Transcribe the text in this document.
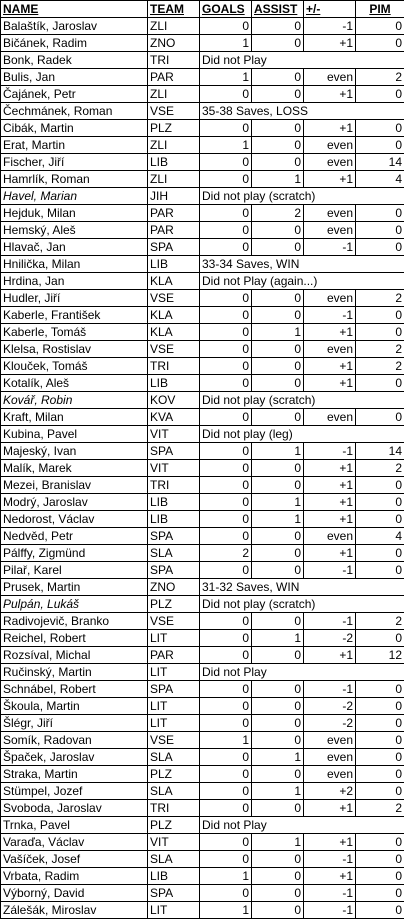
NAME	TEAM	GOALS	ASSIST	+/-	PIM
Balaštík, Jaroslav	ZLI	0	0	-1	0
Bičánek, Radim	ZNO	1	0	+1	0
Bonk, Radek	TRI	Did not Play			
Bulis, Jan	PAR	1	0	even	2
Čajánek, Petr	ZLI	0	0	+1	0
Čechmánek, Roman	VSE	35-38 Saves, LOSS			
Cibák, Martin	PLZ	0	0	+1	0
Erat, Martin	ZLI	1	0	even	0
Fischer, Jiří	LIB	0	0	even	14
Hamrlík, Roman	ZLI	0	1	+1	4
Havel, Marian	JIH	Did not play (scratch)			
Hejduk, Milan	PAR	0	2	even	0
Hemský, Aleš	PAR	0	0	even	0
Hlavač, Jan	SPA	0	0	-1	0
Hnilička, Milan	LIB	33-34 Saves, WIN			
Hrdina, Jan	KLA	Did not Play (again...)			
Hudler, Jiří	VSE	0	0	even	2
Kaberle, František	KLA	0	0	-1	0
Kaberle, Tomáš	KLA	0	1	+1	0
Klelsa, Rostislav	VSE	0	0	even	2
Klouček, Tomáš	TRI	0	0	+1	2
Kotalík, Aleš	LIB	0	0	+1	0
Kovář, Robin	KOV	Did not play (scratch)			
Kraft, Milan	KVA	0	0	even	0
Kubina, Pavel	VIT	Did not play (leg)			
Majeský, Ivan	SPA	0	1	-1	14
Malík, Marek	VIT	0	0	+1	2
Mezei, Branislav	TRI	0	0	+1	0
Modrý, Jaroslav	LIB	0	1	+1	0
Nedorost, Václav	LIB	0	1	+1	0
Nedvěd, Petr	SPA	0	0	even	4
Pálffy, Zigmünd	SLA	2	0	+1	0
Pilař, Karel	SPA	0	0	-1	0
Prusek, Martin	ZNO	31-32 Saves, WIN			
Pulpán, Lukáš	PLZ	Did not play (scratch)			
Radivojevič, Branko	VSE	0	0	-1	2
Reichel, Robert	LIT	0	1	-2	0
Rozsíval, Michal	PAR	0	0	+1	12
Ručinský, Martin	LIT	Did not Play			
Schnábel, Robert	SPA	0	0	-1	0
Škoula, Martin	LIT	0	0	-2	0
Šlégr, Jiří	LIT	0	0	-2	0
Somík, Radovan	VSE	1	0	even	0
Špaček, Jaroslav	SLA	0	1	even	0
Straka, Martin	PLZ	0	0	even	0
Stümpel, Jozef	SLA	0	1	+2	0
Svoboda, Jaroslav	TRI	0	0	+1	2
Trnka, Pavel	PLZ	Did not Play			
Varaďa, Václav	VIT	0	1	+1	0
Vašíček, Josef	SLA	0	0	-1	0
Vrbata, Radim	LIB	1	0	+1	0
Výborný, David	SPA	0	0	-1	0
Zálešák, Miroslav	LIT	1	0	-1	0
